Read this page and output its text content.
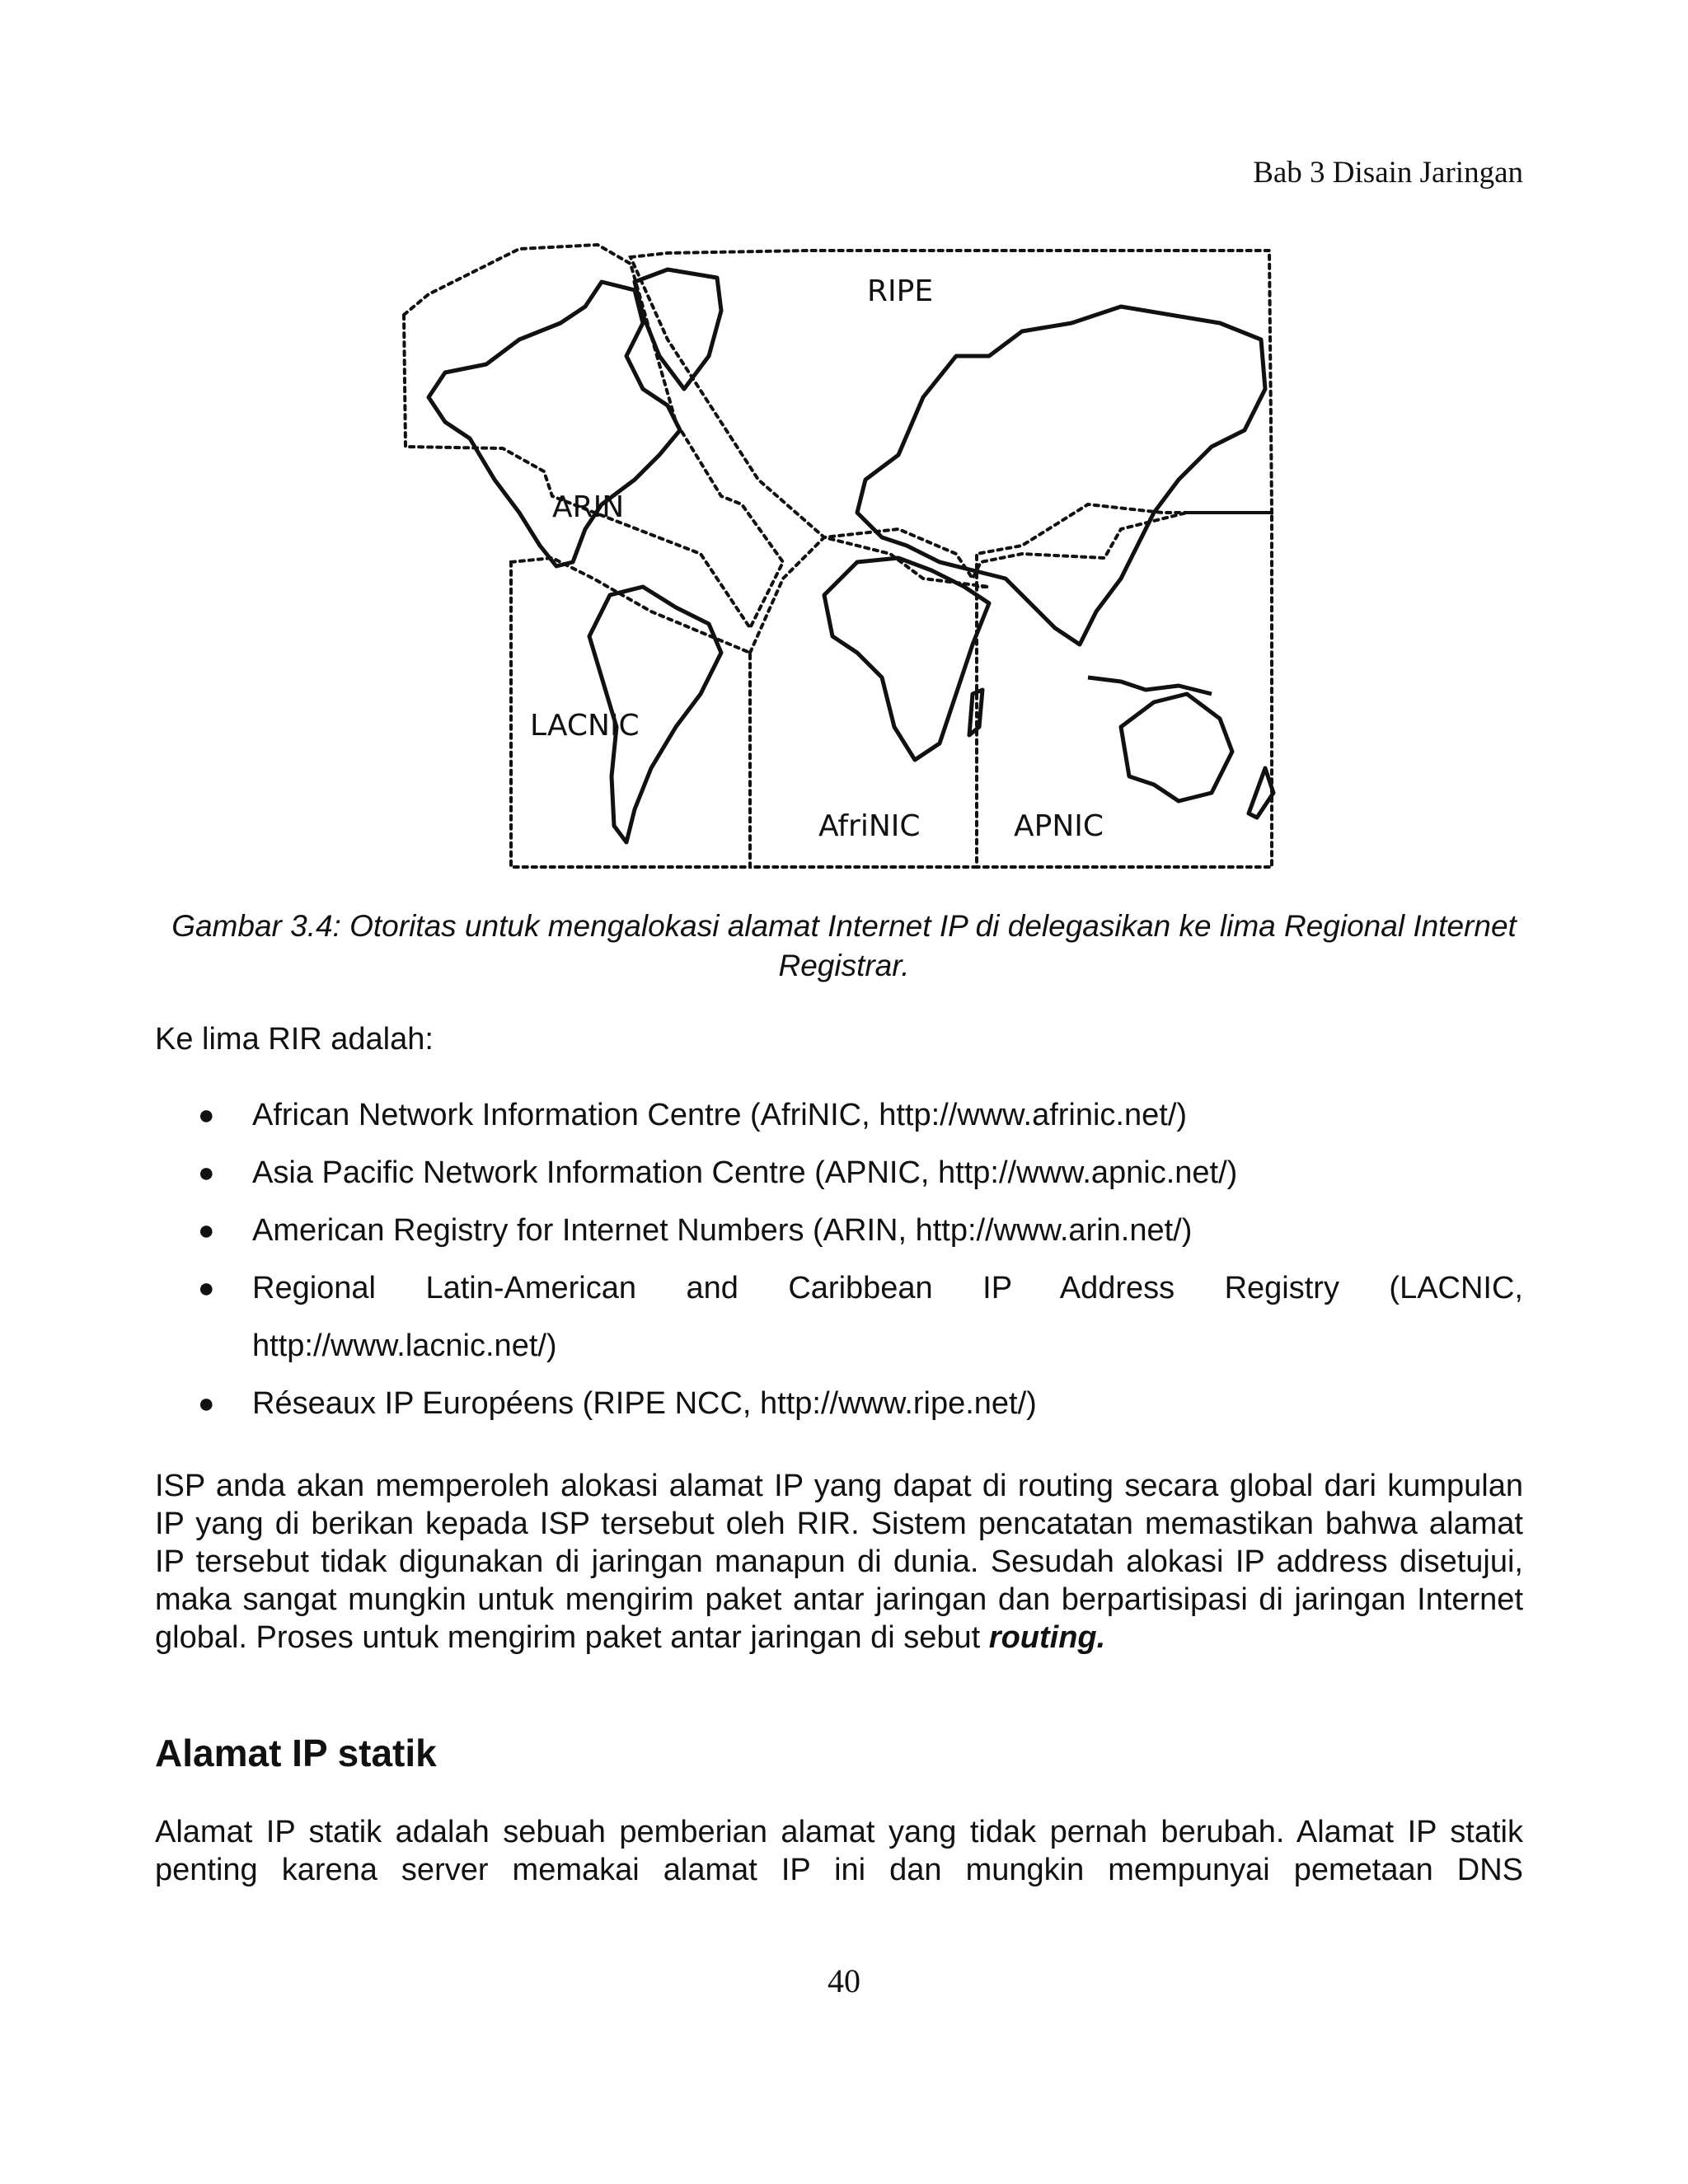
Bab 3 Disain Jaringan
RIPE
ARIN
LACNIC
AfriNIC	APNIC
Gambar 3.4: Otoritas untuk mengalokasi alamat Internet IP di delegasikan ke lima Regional Internet Registrar.
Ke lima RIR adalah:
● African Network Information Centre (AfriNIC, http://www.afrinic.net/)
● Asia Pacific Network Information Centre (APNIC, http://www.apnic.net/)
● American Registry for Internet Numbers (ARIN, http://www.arin.net/)
● Regional Latin-American and Caribbean IP Address Registry (LACNIC, http://www.lacnic.net/)
● Réseaux IP Européens (RIPE NCC, http://www.ripe.net/)
ISP anda akan memperoleh alokasi alamat IP yang dapat di routing secara global dari kumpulan IP yang di berikan kepada ISP tersebut oleh RIR. Sistem pencatatan memastikan bahwa alamat IP tersebut tidak digunakan di jaringan manapun di dunia. Sesudah alokasi IP address disetujui, maka sangat mungkin untuk mengirim paket antar jaringan dan berpartisipasi di jaringan Internet global. Proses untuk mengirim paket antar jaringan di sebut routing.
Alamat IP statik
Alamat IP statik adalah sebuah pemberian alamat yang tidak pernah berubah. Alamat IP statik penting karena server memakai alamat IP ini dan mungkin mempunyai pemetaan DNS
40
